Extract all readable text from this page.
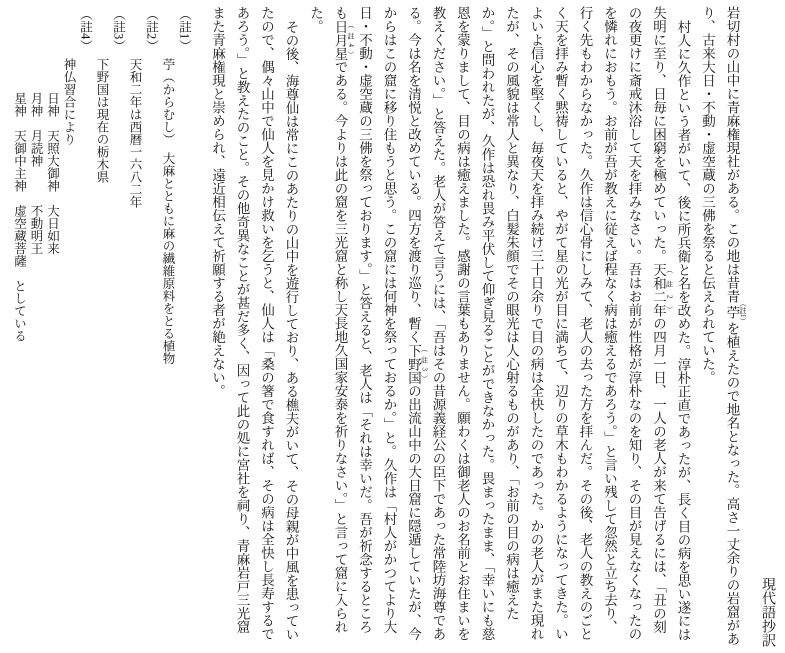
現代語抄訳
岩切村の山中に青麻権現社がある。この地は昔青苧 （註1）を植えたので地名となった。高さ一丈余りの岩窟があり、古来大日・不動・虚空蔵の三佛を祭ると伝えられていた。
村人に久作という者がいて、後に所兵衛と名を改めた。淳朴正直であったが、長く目の病を思い遂には失明に至り、日毎に困窮を極めていった。天和二年 （註2）の四月一日、一人の老人が来て告げるには、「丑の刻の夜更けに斎戒沐浴して天を拝みなさい。吾はお前が性格が淳朴なのを知り、その目が見えなくなったのを憐れにおもう。お前が吾が教えに従えば程なく病は癒えるであろう。」と言い残して忽然と立ち去り、行く先もわからなかった。久作は信心骨にしみて、老人の去った方を拝んだ。その後、老人の教えのごとく天を拝み暫く黙祷していると、やがて星の光が目に満ちて、辺りの草木もわかるようになってきた。いよいよ信心を堅くし、毎夜天を拝み続け三十日余りで目の病は全快したのであった。かの老人がまた現れたが、その風貌は常人と異なり、白髪朱顔でその眼光は人心射るものがあり、「お前の目の病は癒えたか。」と問われたが、久作は恐れ畏み平伏して仰ぎ見ることができなかった。畏まったまま、「幸いにも慈恩を蒙りまして、目の病は癒えました。感謝の言葉もありません。願わくは御老人のお名前とお住まいを教えください。」と答えた。老人が答えて言うには、「吾はその昔源義経公の臣下であった常陸坊海尊である。今は名を清悦と改めている。四方を渡り巡り、暫く下野国 （註3）の出流山中の大日窟に隠遁していたが、今からはこの窟に移り住もうと思う。この窟には何神を祭っておるか。」と。久作は「村人がかつてより大日・不動・虚空蔵の三佛を祭っております。」と答えると、老人は「それは幸いだ。吾が祈念するところも日月星 （註4）である。今よりは此の窟を三光窟と称し天長地久国家安泰を祈りなさい。」と言って窟に入られた。
その後、海尊仙は常にこのあたりの山中を遊行しており、ある樵夫がいて、その母親が中風を患っていたので、偶々山中で仙人を見かけ救いを乞うと、仙人は「桑の箸で食すれば、その病は全快し長寿するであろう。」と教えたのこと。その他奇異なことが甚だ多く、因って此の処に宮社を祠り、青麻岩戸三光窟また青麻権現と崇められ、遠近相伝えて祈願する者が絶えない。
（註1）
苧（からむし）　大麻とともに麻の繊維原料をとる植物
（註2）
天和二年は西暦一六八二年
（註3）
下野国は現在の栃木県
（註4）
神仏習合により
日神　天照大御神　大日如来
月神　月読神　　　不動明王
星神　天御中主神　虚空蔵菩薩　としている
